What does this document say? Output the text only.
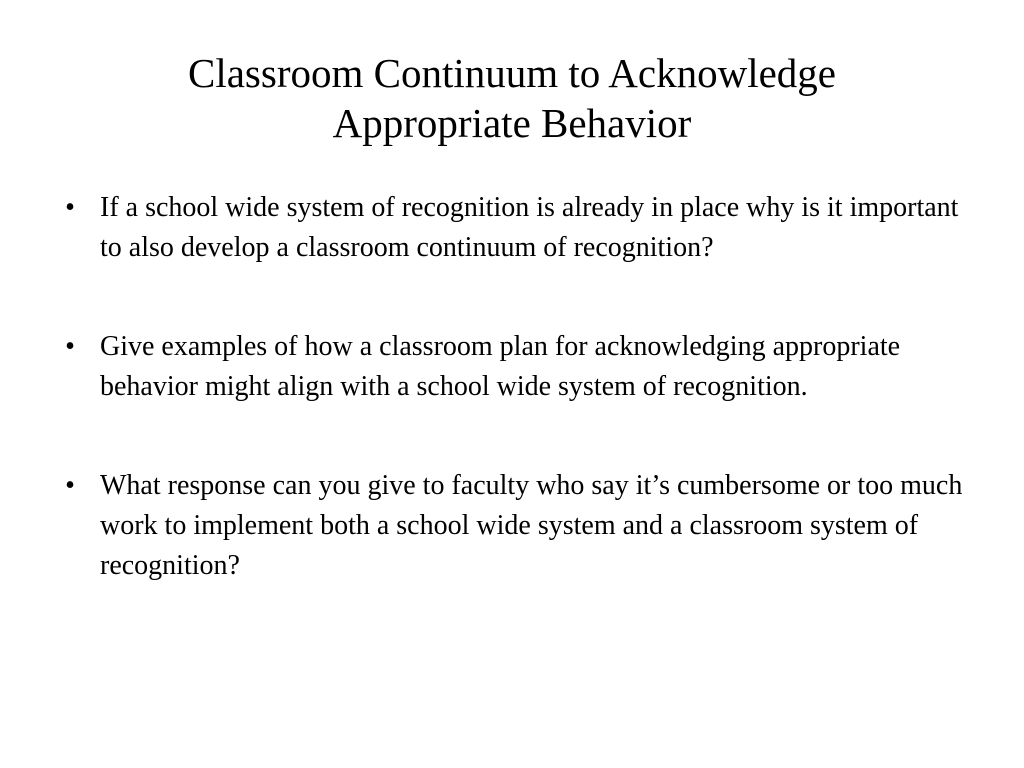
Classroom Continuum to Acknowledge Appropriate Behavior
• If a school wide system of recognition is already in place why is it important to also develop a classroom continuum of recognition?
• Give examples of how a classroom plan for acknowledging appropriate behavior might align with a school wide system of recognition.
• What response can you give to faculty who say it’s cumbersome or too much work to implement both a school wide system and a classroom system of recognition?
